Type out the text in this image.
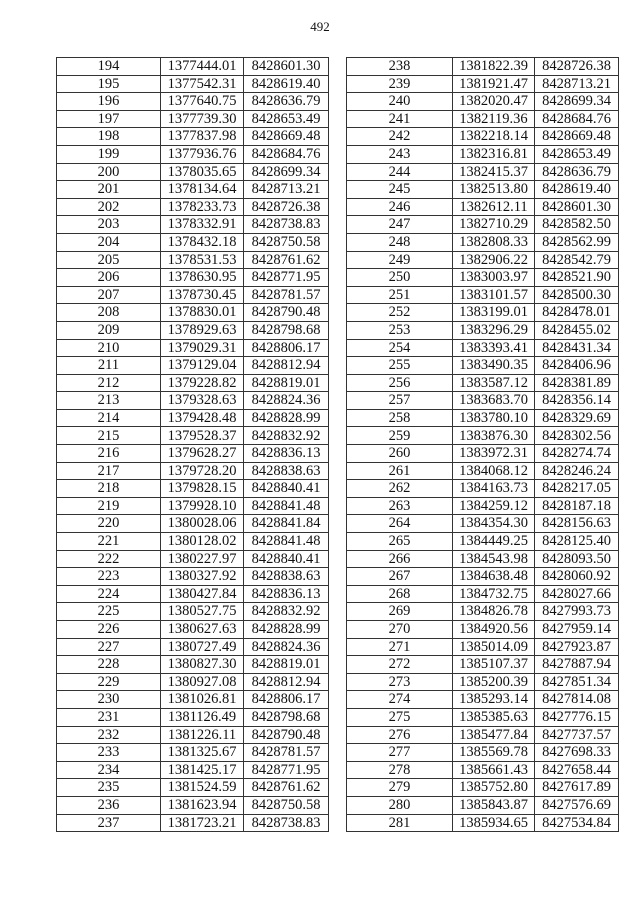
492
194	1377444.01	8428601.30
195	1377542.31	8428619.40
196	1377640.75	8428636.79
197	1377739.30	8428653.49
198	1377837.98	8428669.48
199	1377936.76	8428684.76
200	1378035.65	8428699.34
201	1378134.64	8428713.21
202	1378233.73	8428726.38
203	1378332.91	8428738.83
204	1378432.18	8428750.58
205	1378531.53	8428761.62
206	1378630.95	8428771.95
207	1378730.45	8428781.57
208	1378830.01	8428790.48
209	1378929.63	8428798.68
210	1379029.31	8428806.17
211	1379129.04	8428812.94
212	1379228.82	8428819.01
213	1379328.63	8428824.36
214	1379428.48	8428828.99
215	1379528.37	8428832.92
216	1379628.27	8428836.13
217	1379728.20	8428838.63
218	1379828.15	8428840.41
219	1379928.10	8428841.48
220	1380028.06	8428841.84
221	1380128.02	8428841.48
222	1380227.97	8428840.41
223	1380327.92	8428838.63
224	1380427.84	8428836.13
225	1380527.75	8428832.92
226	1380627.63	8428828.99
227	1380727.49	8428824.36
228	1380827.30	8428819.01
229	1380927.08	8428812.94
230	1381026.81	8428806.17
231	1381126.49	8428798.68
232	1381226.11	8428790.48
233	1381325.67	8428781.57
234	1381425.17	8428771.95
235	1381524.59	8428761.62
236	1381623.94	8428750.58
237	1381723.21	8428738.83
238	1381822.39	8428726.38
239	1381921.47	8428713.21
240	1382020.47	8428699.34
241	1382119.36	8428684.76
242	1382218.14	8428669.48
243	1382316.81	8428653.49
244	1382415.37	8428636.79
245	1382513.80	8428619.40
246	1382612.11	8428601.30
247	1382710.29	8428582.50
248	1382808.33	8428562.99
249	1382906.22	8428542.79
250	1383003.97	8428521.90
251	1383101.57	8428500.30
252	1383199.01	8428478.01
253	1383296.29	8428455.02
254	1383393.41	8428431.34
255	1383490.35	8428406.96
256	1383587.12	8428381.89
257	1383683.70	8428356.14
258	1383780.10	8428329.69
259	1383876.30	8428302.56
260	1383972.31	8428274.74
261	1384068.12	8428246.24
262	1384163.73	8428217.05
263	1384259.12	8428187.18
264	1384354.30	8428156.63
265	1384449.25	8428125.40
266	1384543.98	8428093.50
267	1384638.48	8428060.92
268	1384732.75	8428027.66
269	1384826.78	8427993.73
270	1384920.56	8427959.14
271	1385014.09	8427923.87
272	1385107.37	8427887.94
273	1385200.39	8427851.34
274	1385293.14	8427814.08
275	1385385.63	8427776.15
276	1385477.84	8427737.57
277	1385569.78	8427698.33
278	1385661.43	8427658.44
279	1385752.80	8427617.89
280	1385843.87	8427576.69
281	1385934.65	8427534.84
